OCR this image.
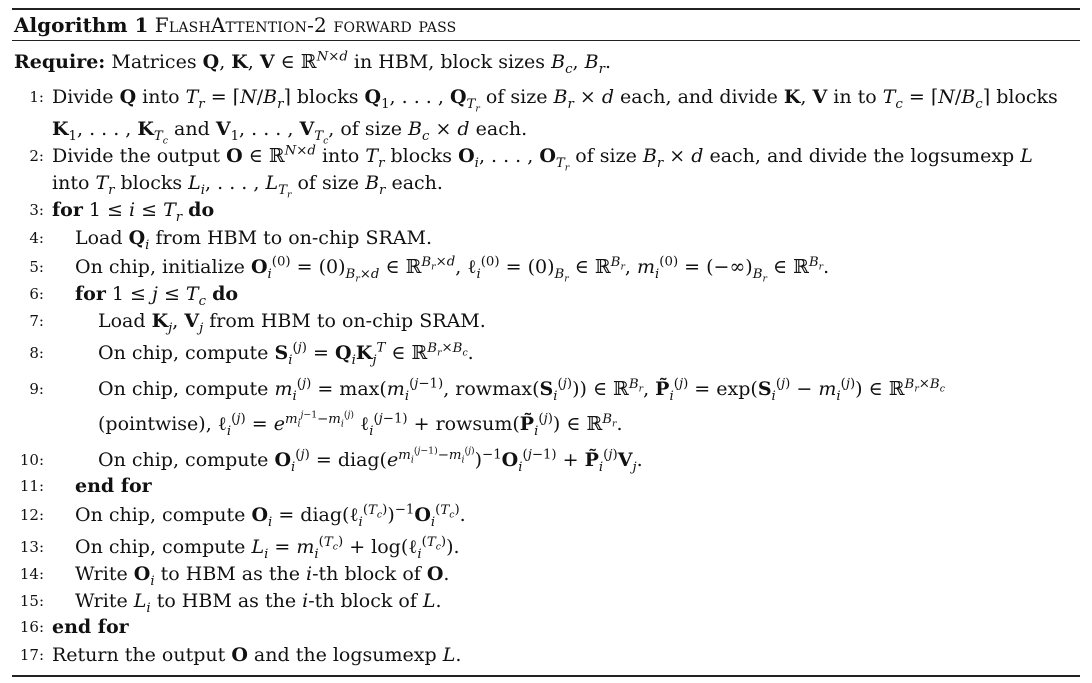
Algorithm 1 FlashAttention-2 forward pass
Require: Matrices Q, K, V ∈ ℝ$^{N\times d}$ in HBM, block sizes $B_c$, $B_r$.
1: Divide Q into $T_r$ = $⌈N/B_r⌉$ blocks $Q_1$, . . . , $Q_{T_r}$ of size $B_r \times d$ each, and divide K, V in to $T_c$ = $⌈N/B_c⌉$ blocks
$K_1$, . . . , $K_{T_c}$ and $V_1$, . . . , $V_{T_c}$, of size $B_c \times d$ each.
2: Divide the output O ∈ ℝ$^{N\times d}$ into $T_r$ blocks $O_i$, . . . , $O_{T_r}$ of size $B_r \times d$ each, and divide the logsumexp L
into $T_r$ blocks $L_i$, . . . , $L_{T_r}$ of size $B_r$ each.
3: for $1 \le i \le T_r$ do
4: Load $Q_i$ from HBM to on-chip SRAM.
5: On chip, initialize $O_i^{(0)} = (0)_{B_r\times d}$ ∈ ℝ$^{B_r\times d}$, ℓ$_i^{(0)}$ = $(0)_{B_r}$ ∈ ℝ$^{B_r}$, $m_i^{(0)} = (-\infty)_{B_r}$ ∈ ℝ$^{B_r}$.
6: for $1 \le j \le T_c$ do
7:	Load $K_j$, $V_j$ from HBM to on-chip SRAM.
8:	On chip, compute $S_i^{(j)} = Q_iK_j^T$ ∈ ℝ$^{B_r\times B_c}$.
9:	On chip, compute $m_i^{(j)} = \max(m_i^{(j-1)}$, $rowmax(S_i^{(j)})$) ∈ ℝ$^{B_r}$, $P̃_i^{(j)} = \exp(S_i^{(j)} - m_i^{(j)})$ ∈ ℝ$^{B_r\times B_c}$
(pointwise), ℓ$_i^{(j)}$ = $e^{m_i^{j-1}-m_i^{(j)}}$ ℓ$_i^{(j-1)}$ + $rowsum(P̃_i^{(j)})$ ∈ ℝ$^{B_r}$.
10:	On chip, compute $O_i^{(j)}$ = $diag(e^{m_i^{(j-1)}-m_i^{(j)}})^{-1}O_i^{(j-1)}$ + $P̃_i^{(j)}V_j$.
11: end for
12: On chip, compute $O_i$ = $diag(\ell_i^{(T_c)})^{-1}O_i^{(T_c)}$.
13: On chip, compute $L_i = m_i^{(T_c)}$ + log(ℓ$_i^{(T_c)}$).
14: Write $O_i$ to HBM as the i-th block of O.
15: Write $L_i$ to HBM as the i-th block of L.
16: end for
17: Return the output O and the logsumexp L.
